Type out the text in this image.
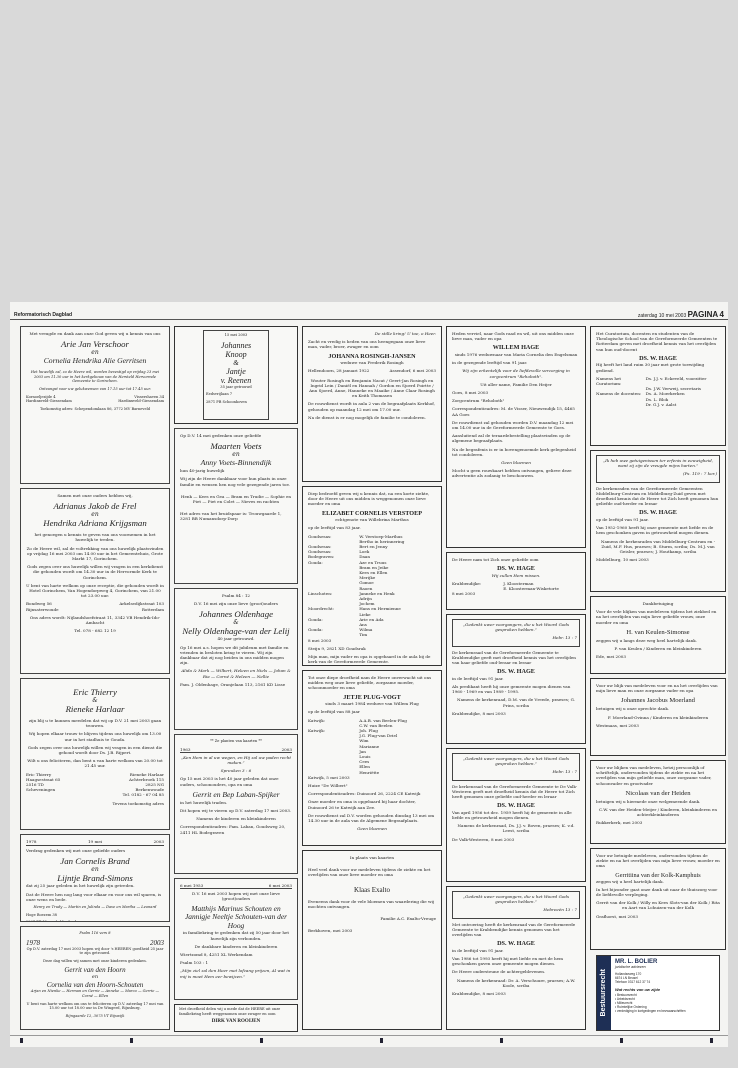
Reformatorisch Dagblad	zaterdag 10 mei 2003 PAGINA 4

Met vreugde en dank aan onze God geven wij u kennis van ons

Arie Jan Verschoor
en
Cornelia Hendrika Alie Gerritsen

Het huwelijk zal, zo de Heere wil, worden bevestigd op vrijdag 23 mei 2003 om 11.30 uur in het kerkgebouw van de Hersteld Hervormde Gemeente te Gorinchem.

Ontvangst voor uw gelukwensen van 17.15 uur tot 17.45 uur.

Kornoeljezijde 4	Vissershaven 34
Hardinxveld-Giessendam	Hardinxveld-Giessendam

Toekomstig adres: Schependomlaan 86, 3772 MV Barneveld

Samen met onze ouders hebben wij,

Adrianus Jakob de Frel
en
Hendrika Adriana Krijgsman

het genoegen u kennis te geven van ons voornemen in het huwelijk te treden.

Zo de Heere wil, zal de voltrekking van ons huwelijk plaatsvinden op vrijdag 16 mei 2003 om 14.00 uur in het Gemeentehuis, Grote Markt 17, Gorinchem.

Gods zegen over ons huwelijk willen wij vragen in een kerkdienst die gehouden wordt om 14.30 uur in de Hervormde Kerk te Gorinchem.

U bent van harte welkom op onze receptie, die gehouden wordt in Hotel Gorinchem, Van Hogendorpweg 4, Gorinchem, van 21.00 tot 23.00 uur.

Bondweg 56	Arkelsedijkstraat 103
Rijnsaterwoude	Rotterdam

Ons adres wordt: Nijlandshoefstraat 11, 3342 VB Hendrik-Ido-Ambacht

Tel. 078 - 682 12 19

Eric Thierry
&
Rieneke Harlaar

zijn blij u te kunnen meedelen dat wij op D.V. 21 mei 2003 gaan trouwen.

Wij hopen elkaar trouw te blijven tijdens ons huwelijk om 13.00 uur in het stadhuis te Gouda.

Gods zegen over ons huwelijk willen wij vragen in een dienst die gehoud wordt door Ds. J.B. Rijpert.

Wilt u ons feliciteren, dan bent u van harte welkom van 20.00 tot 21.45 uur.

Eric Thierry	Rieneke Harlaar
Haagsestraat 65	Achterbroek 115
2516 TD	2825 NG
Scheveningen	Berkenwoude

Tel. 0182 - 67 04 85

Tevens toekomstig adres

1978	19 mei	2003

Verdrag gedenken wij met onze geliefde ouders

Jan Cornelis Brand
en
Lijntje Brand-Simons

dat zij 25 jaar geleden in het huwelijk zijn getreden.

Dat de Heere hen nog lang voor elkaar en voor ons wil sparen, is onze wens en bede.

Henry en Trudy — Martin en Julinda — Dave en Martha — Leonard

Hoge Boezem 38

Psalm 116 vers 8

1978	2003

Op D.V. zaterdag 17 mei 2003 hopen wij door 's HEEREN goedheid 25 jaar te zijn getrouwd.

Deze dag willen wij samen met onze kinderen gedenken.

Gerrit van den Hoorn
en
Cornelia van den Hoorn-Schouten

Arjan en Nienke — Herman en Gerrie — Anneke — Marco — Gerrie — Corné — Ellen

U bent van harte welkom om ons te feliciteren op D.V. zaterdag 17 mei van 15.00 uur tot 18.00 uur in De Wingerd, Rijnsburg.

Rijngaarde 12, 3075 VT Rijswijk

15 mei 2003

Johannes
Knoop
&
Jantje
v. Reenen

35 jaar getrouwd

Eedsvrijlaan 7

2871 PB Schoonhoven

Op D.V. 14 mei gedenken onze geliefde

Maarten Voets
en
Anny Voets-Binnendijk

hun 40-jarig huwelijk

Wij zijn de Heere dankbaar voor hun plaats in onze familie en wensen hen nog vele gezegende jaren toe.

Henk — Kees en Gea — Bram en Trudie — Sophie en Piet — Piet en Colet — Nieves en rachten

Het adres van het bruidspaar is: Trouwgaarde 1, 3281 BB Numansdorp-Dorp

Psalm 84 : 12

D.V. 16 mei zijn onze lieve (groot)ouders

Johannes Oldenhage
&
Nelly Oldenhage-van der Lelij

40 jaar getrouwd.

Op 16 mei a.s. hopen we dit jubileum met familie en vrienden in besloten kring te vieren. Wij zijn dankbaar dat zij nog beiden in ons midden mogen zijn.

Alida & Mark — Wilbert, Heleen en Niels — Johan & Ria — Corné & Heleen — Nellie

Fam. J. Oldenhage, Oranjelaan 113, 2161 KD Lisse

** Ze planten van kaarten **

1963	2003

„Ken Hem in al uw wegen, en Hij zal uw paden recht maken.”

Spreuken 3 : 6

Op 15 mei 2003 is het 40 jaar geleden dat onze ouders, schoonouders, opa en oma

Gerrit en Bep Laban-Spijker

in het huwelijk traden.

Dit hopen wij te vieren op D.V. zaterdag 17 mei 2003.

Namens de kinderen en kleinkinderen

Correspondentieadres: Fam. Laban, Goudsweg 20, 2411 HL Bodegraven

6 mei 1953	6 mei 2003

D.V. 16 mei 2003 hopen wij met onze lieve (groot)ouders

Matthijs Marinus Schouten en Jannigje Neeltje Schouten-van der Hoog

in familiekring te gedenken dat zij 50 jaar door het huwelijk zijn verbonden.

De dankbare kinderen en kleinkinderen

Wiertzomd 8, 4251 XL Werkendam

Psalm 103 : 1

„Mijn ziel zal den Heer met lofzang prijzen, Al wat in mij is moet Hem eer bewijzen.”

Met droefheid delen wij u mede dat de HEERE uit onze familiekring heeft weggenomen onze zwager en oom

DIRK VAN ROOIJEN

De stille kring! U toe, o Heer.

Zacht en vredig is heden van ons heengegaan onze lieve man, vader, broer, zwager en oom

JOHANNA ROSINGH-JANSEN

weduwe van Frederik Rosingh

Hellendoorn, 28 januari 1922	Assendorf, 6 mei 2003

Wouter Rosingh en Benjamin Nacat / Geert-Jan Rosingh en Ingrid Lein / Daniël en Hannah / Gordon en Sjoerd Poirtte / Ann Sjoerd, Anne, Hanneke en Maaike / Anne Claar Rosingh en Keith Thomasen

De rouwdienst wordt in aula 2 van de begraafplaats Kerkhof, gehouden op maandag 12 mei om 17.00 uur.

Na de dienst is er nog mogelijk de familie te condoleren.

Diep bedroefd geven wij u kennis dat, na een korte ziekte, door de Heere uit ons midden is weggenomen onze lieve moeder en oma

ELIZABET CORNELIS VERSTOEP

echtgenote van Willebrina Marthus

op de leeftijd van 83 jaar.

Goudsesas:	W. Verstoep-Marthus
Bertho in herinnering
Goudsesas:	Bert en Jenny
Goudsesas:	Loek
Bodegraven:	Daan
Gouda:	Aze en Truus
Bram en Jeike
Kees en Ellen
Merijke
Gomoe
Raoen
Linschoten:	Janneke en Henk
Adrijn
Jochem
Moordrecht:	Hans en Hermienne
Lieke
Gouda:	Arie en Ada
Ans
Gouda:	Wilma
Tim

8 mei 2003

Steijn 9, 2821 XD Goudsrak

Mijn man, mijn vader en opa is opgebaard in de aula bij de kerk van de Gereformeerde Gemeente.

Tot onze diepe droefheid nam de Heere onverwacht uit ons midden weg onze lieve geliefde, zorgzame moeder, schoonmoeder en oma

JETJE PLUG-VOGT

sinds 3 maart 1984 weduwe van Willem Plug

op de leeftijd van 88 jaar

Katwijk:	A.A.B. van Beelen-Plug
C.W. van Beelen
Katwijk:	Joh. Plug
J.G. Plug-van Driel
Wim
Marianne
Jan
Louis
Cees
Ellen
Henriëtte

Katwijk, 5 mei 2003

Huize "De Wilbert"

Correspondentieadres: Duinoord 26, 2224 CE Katwijk

Onze moeder en oma is opgebaard bij haar dochter, Duinoord 26 te Katwijk aan Zee.

De rouwdienst zal D.V. worden gehouden dinsdag 13 mei om 14.30 uur in de aula van de Algemene Begraafplaats.

Geen bloemen

In plaats van kaarten

Heel veel dank voor uw medeleven tijdens de ziekte en het overlijden van onze lieve moeder en oma

Klaas Exalto

Eveneens dank voor de vele bloemen van waardering die wij mochten ontvangen.

Familie A.C. Exalto-Vreuge

Berkhoven, mei 2003

Heden verviel, naar Gods raad en wil, uit ons midden onze lieve man, vader en opa

WILLEM HAGE

sinds 1976 weduwnaar van Maria Cornelia den Engelsman

in de gezegende leeftijd van 91 jaar.

Wij zijn erkentelijk voor de liefdevolle verzorging in zorgcentrum "Rehoboth".

Uit aller name, Familie Den Heijer

Goes, 8 mei 2003

Zorgcentrum "Rehoboth"

Correspondentieadres: M. de Visser, Nieuwendijk 15, 4465 AA Goes

De rouwdienst zal gehouden worden D.V. maandag 12 mei om 14.00 uur in de Gereformeerde Gemeente te Goes.

Aansluitend zal de teraardebestelling plaatsvinden op de algemene begraafplaats.

Na de begrafenis is er in bovengenoemde kerk gelegenheid tot condoleren.

Geen bloemen

Mocht u geen rouwkaart hebben ontvangen, gelieve deze advertentie als zodanig te beschouwen.

De Heere nam tot Zich onze geliefde oom

DS. W. HAGE

Wij zullen Hem missen.

Krabbendijke:	J. Kloosterman
E. Kloosterman-Wisketorte

8 mei 2003

„Gedenkt uwer voorgangers, die u het Woord Gods gesproken hebben.”

Hebr. 13 : 7

De kerkenraad van de Gereformeerde Gemeente te Krabbendijke geeft met droefheid kennis van het overlijden van haar geliefde oud-leraar en leraar

DS. W. HAGE

in de leeftijd van 91 jaar.

Als predikant heeft hij onze gemeente mogen dienen van 1960 - 1969 en van 1989 - 1995.

Namens de kerkenraad, D.M. van de Vreede, praeses; G. Prins, scriba

Krabbendijke, 8 mei 2003

„Gedenkt uwer voorgangers, die u het Woord Gods gesproken hebben.”

Hebr. 13 : 7

De kerkenraad van de Gereformeerde Gemeente te De Valk-Westeren geeft met droefheid kennis dat de Heere tot Zich heeft genomen onze geliefde oud-herder en leraar

DS. W. HAGE

Van april 1956 tot dec. 1959 heeft hij de gemeente in alle liefde en getrouwheid mogen dienen.

Namens de kerkenraad, Ds. J.J. v. Boven, praeses; K. v.d. Leest, scriba

De Valk-Westeren, 8 mei 2003

„Gedenkt uwer voorgangers, die u het Woord Gods gesproken hebben.”

Hebreeën 13 : 7

Met ontroering heeft de kerkenraad van de Gereformeerde Gemeente te Krabbendijke kennis genomen van het overlijden van

DS. W. HAGE

in de leeftijd van 91 jaar.

Van 1986 tot 1993 heeft hij met liefde en met de hem geschonken gaven onze gemeente mogen dienen.

De Heere ondersteune de achtergeblevenen.

Namens de kerkenraad: Dr. A. Verschuure, praeses; A.W. Koole, scriba

Krabbendijke, 8 mei 2003

Het Curatorium, docenten en studenten van de Theologische School van de Gereformeerde Gemeenten te Rotterdam geven met droefheid kennis van het overlijden van hun oud-docent

DS. W. HAGE

Hij heeft het land ruim 30 jaar met grote toewijding gediend.

Namens het Curatorium:
Ds. J.J. v. Eckeveld, voorzitter
Ds. J.W. Verweij, secretaris
Namens de docenten:	Ds. A. Moerkerken
Ds. L. Blok
Dr. G.J. v. Aalst

„Ik heb uwe getuigenissen ter erfenis in eeuwigheid, want zij zijn de vreugde mijns harten.”

(Ps. 119 : 7 kor.)

De kerkenraden van de Gereformeerde Gemeenten Middelburg-Centrum en Middelburg-Zuid geven met droefheid kennis dat de Heere tot Zich heeft genomen hun geliefde oud-herder en leraar

DS. W. HAGE

op de leeftijd van 91 jaar.

Van 1952-1960 heeft hij onze gemeente met liefde en de hem geschonken gaven in getrouwheid mogen dienen.

Namens de kerkenraden van Middelburg-Centrum en -Zuid, M.F. Hus, praeses; B. Sturm, scriba; Ds. M.J. van Geisler, praeses; J. Houtkamp, scriba

Middelburg, 10 mei 2003

Dankbetuiging

Voor de vele blijken van medeleven tijdens het ziekbed en na het overlijden van mijn lieve geliefde vrouw, onze moeder en oma

H. van Keulen-Simonse

zeggen wij u langs deze weg heel hartelijk dank.

P. van Keulen / Kinderen en kleinkinderen

Ede, mei 2003

Voor uw blijk van medeleven voor en na het overlijden van mijn lieve man en onze zorgzame vader en opa

Johannes Jacobus Moerland

betuigen wij u onze oprechte dank.

F. Moerland-Ovinna / Kinderen en kleinkinderen

Westmaas, mei 2003

Voor uw blijken van medeleven, hetzij persoonlijk of schriftelijk, ondervonden tijdens de ziekte en na het overlijden van mijn geliefde man, onze zorgzame vader, schoonvader en grootvader

Nicolaas van der Heiden

betuigen wij u hiermede onze welgemeende dank.

C.W. van der Heiden-Meijer / Kinderen, kleinkinderen en achterkleinkinderen

Rukkerkerk, mei 2003

Voor uw betuigde medeleven, ondervonden tijdens de ziekte en na het overlijden van mijn lieve vrouw, moeder en oma

Gerritiina van der Kolk-Kamphuis

zeggen wij u heel hartelijk dank.

In het bijzonder gaat onze dank uit naar de thuiszorg voor de liefdevolle verpleging.

Gerrit van der Kolk / Willy en Kees Slots-van der Kolk / Rita en Aart van Lohuizen-van der Kolk

Grafhorst, mei 2003

Bestuursrecht
MR. L. BOLIER
juridische adviezen
Hollandseweg 170
6674 LN Beusel
Telefoon 0317 612 37 74
Wat rechts van uw zijde
• Bestuursrecht
• Arbeidsrecht
• Milieurecht
• Ruimtelijke Ordening
• verdediging in kortgedingen en bezwaarschriften
